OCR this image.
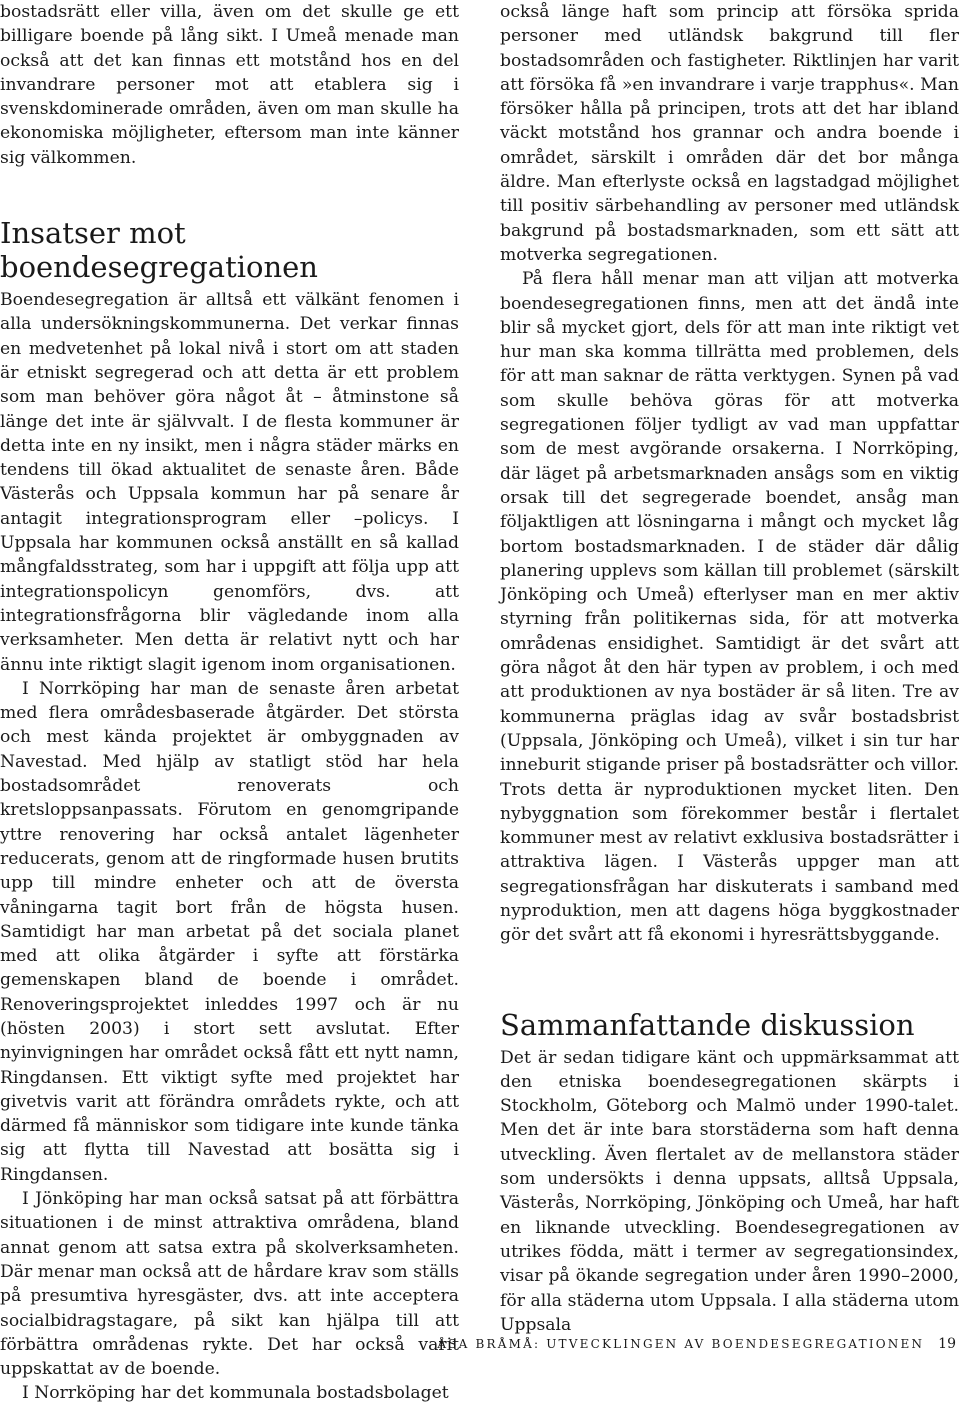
bostadsrätt eller villa, även om det skulle ge ett billigare boende på lång sikt. I Umeå menade man också att det kan finnas ett motstånd hos en del invandrare personer mot att etablera sig i svenskdominerade områden, även om man skulle ha ekonomiska möjligheter, eftersom man inte känner sig välkommen.

Insatser mot boendesegregationen

Boendesegregation är alltså ett välkänt fenomen i alla undersökningskommunerna. Det verkar finnas en medvetenhet på lokal nivå i stort om att staden är etniskt segregerad och att detta är ett problem som man behöver göra något åt – åtminstone så länge det inte är självvalt. I de flesta kommuner är detta inte en ny insikt, men i några städer märks en tendens till ökad aktualitet de senaste åren. Både Västerås och Uppsala kommun har på senare år antagit integrationsprogram eller –policys. I Uppsala har kommunen också anställt en så kallad mångfaldsstrateg, som har i uppgift att följa upp att integrationspolicyn genomförs, dvs. att integrationsfrågorna blir vägledande inom alla verksamheter. Men detta är relativt nytt och har ännu inte riktigt slagit igenom inom organisationen.

I Norrköping har man de senaste åren arbetat med flera områdesbaserade åtgärder. Det största och mest kända projektet är ombyggnaden av Navestad. Med hjälp av statligt stöd har hela bostadsområdet renoverats och kretsloppsanpassats. Förutom en genomgripande yttre renovering har också antalet lägenheter reducerats, genom att de ringformade husen brutits upp till mindre enheter och att de översta våningarna tagit bort från de högsta husen. Samtidigt har man arbetat på det sociala planet med att olika åtgärder i syfte att förstärka gemenskapen bland de boende i området. Renoveringsprojektet inleddes 1997 och är nu (hösten 2003) i stort sett avslutat. Efter nyinvigningen har området också fått ett nytt namn, Ringdansen. Ett viktigt syfte med projektet har givetvis varit att förändra områdets rykte, och att därmed få människor som tidigare inte kunde tänka sig att flytta till Navestad att bosätta sig i Ringdansen.

I Jönköping har man också satsat på att förbättra situationen i de minst attraktiva områdena, bland annat genom att satsa extra på skolverksamheten. Där menar man också att de hårdare krav som ställs på presumtiva hyresgäster, dvs. att inte acceptera socialbidragstagare, på sikt kan hjälpa till att förbättra områdenas rykte. Det har också varit uppskattat av de boende.

I Norrköping har det kommunala bostadsbolaget

också länge haft som princip att försöka sprida personer med utländsk bakgrund till fler bostadsområden och fastigheter. Riktlinjen har varit att försöka få »en invandrare i varje trapphus«. Man försöker hålla på principen, trots att det har ibland väckt motstånd hos grannar och andra boende i området, särskilt i områden där det bor många äldre. Man efterlyste också en lagstadgad möjlighet till positiv särbehandling av personer med utländsk bakgrund på bostadsmarknaden, som ett sätt att motverka segregationen.

På flera håll menar man att viljan att motverka boendesegregationen finns, men att det ändå inte blir så mycket gjort, dels för att man inte riktigt vet hur man ska komma tillrätta med problemen, dels för att man saknar de rätta verktygen. Synen på vad som skulle behöva göras för att motverka segregationen följer tydligt av vad man uppfattar som de mest avgörande orsakerna. I Norrköping, där läget på arbetsmarknaden ansågs som en viktig orsak till det segregerade boendet, ansåg man följaktligen att lösningarna i mångt och mycket låg bortom bostadsmarknaden. I de städer där dålig planering upplevs som källan till problemet (särskilt Jönköping och Umeå) efterlyser man en mer aktiv styrning från politikernas sida, för att motverka områdenas ensidighet. Samtidigt är det svårt att göra något åt den här typen av problem, i och med att produktionen av nya bostäder är så liten. Tre av kommunerna präglas idag av svår bostadsbrist (Uppsala, Jönköping och Umeå), vilket i sin tur har inneburit stigande priser på bostadsrätter och villor. Trots detta är nyproduktionen mycket liten. Den nybyggnation som förekommer består i flertalet kommuner mest av relativt exklusiva bostadsrätter i attraktiva lägen. I Västerås uppger man att segregationsfrågan har diskuterats i samband med nyproduktion, men att dagens höga byggkostnader gör det svårt att få ekonomi i hyresrättsbyggande.

Sammanfattande diskussion

Det är sedan tidigare känt och uppmärksammat att den etniska boendesegregationen skärpts i Stockholm, Göteborg och Malmö under 1990-talet. Men det är inte bara storstäderna som haft denna utveckling. Även flertalet av de mellanstora städer som undersökts i denna uppsats, alltså Uppsala, Västerås, Norrköping, Jönköping och Umeå, har haft en liknande utveckling. Boendesegregationen av utrikes födda, mätt i termer av segregationsindex, visar på ökande segregation under åren 1990–2000, för alla städerna utom Uppsala. I alla städerna utom Uppsala

ÅSA BRÅMÅ: UTVECKLINGEN AV BOENDESEGREGATIONEN 19
